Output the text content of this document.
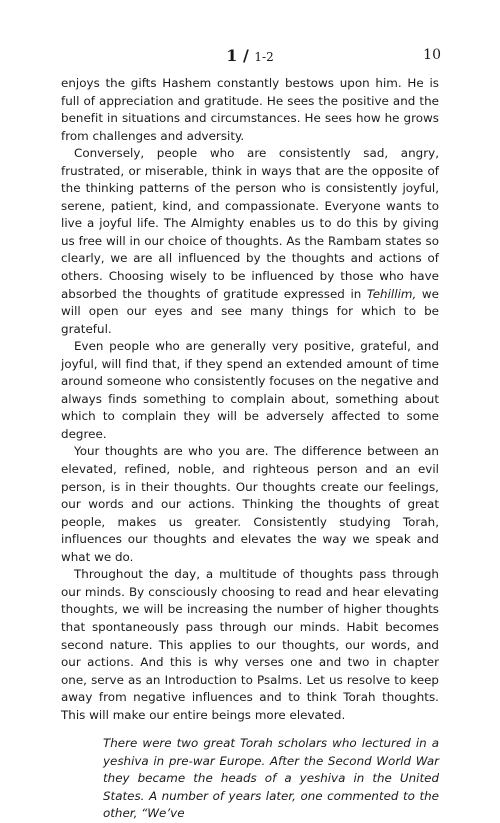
1 / 1-2	10

enjoys the gifts Hashem constantly bestows upon him. He is full of appreciation and gratitude. He sees the positive and the benefit in situations and circumstances. He sees how he grows from challenges and adversity.

Conversely, people who are consistently sad, angry, frustrated, or miserable, think in ways that are the opposite of the thinking patterns of the person who is consistently joyful, serene, patient, kind, and compassionate. Everyone wants to live a joyful life. The Almighty enables us to do this by giving us free will in our choice of thoughts. As the Rambam states so clearly, we are all influenced by the thoughts and actions of others. Choosing wisely to be influenced by those who have absorbed the thoughts of gratitude expressed in Tehillim, we will open our eyes and see many things for which to be grateful.

Even people who are generally very positive, grateful, and joyful, will find that, if they spend an extended amount of time around someone who consistently focuses on the negative and always finds something to complain about, something about which to complain they will be adversely affected to some degree.

Your thoughts are who you are. The difference between an elevated, refined, noble, and righteous person and an evil person, is in their thoughts. Our thoughts create our feelings, our words and our actions. Thinking the thoughts of great people, makes us greater. Consistently studying Torah, influences our thoughts and elevates the way we speak and what we do.

Throughout the day, a multitude of thoughts pass through our minds. By consciously choosing to read and hear elevating thoughts, we will be increasing the number of higher thoughts that spontaneously pass through our minds. Habit becomes second nature. This applies to our thoughts, our words, and our actions. And this is why verses one and two in chapter one, serve as an Introduction to Psalms. Let us resolve to keep away from negative influences and to think Torah thoughts. This will make our entire beings more elevated.

There were two great Torah scholars who lectured in a yeshiva in pre-war Europe. After the Second World War they became the heads of a yeshiva in the United States. A number of years later, one commented to the other, “We’ve
